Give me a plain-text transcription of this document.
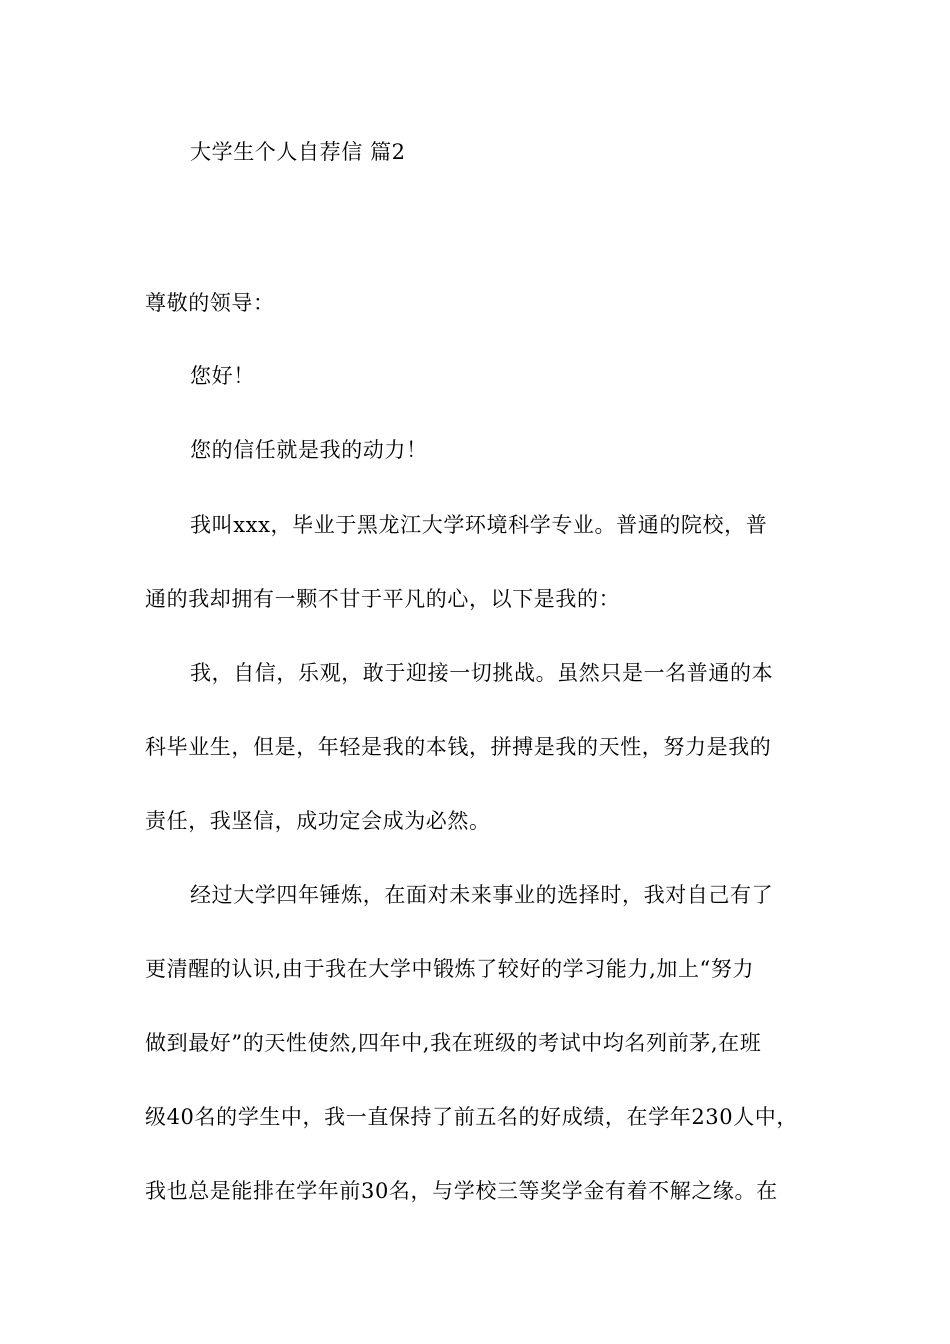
大学生个人自荐信 篇2
尊敬的领导：
您好！
您的信任就是我的动力！
我叫xxx，毕业于黑龙江大学环境科学专业。普通的院校，普
通的我却拥有一颗不甘于平凡的心，以下是我的：
我，自信，乐观，敢于迎接一切挑战。虽然只是一名普通的本
科毕业生，但是，年轻是我的本钱，拼搏是我的天性，努力是我的
责任，我坚信，成功定会成为必然。
经过大学四年锤炼，在面对未来事业的选择时，我对自己有了
更清醒的认识,由于我在大学中锻炼了较好的学习能力,加上“努力
做到最好”的天性使然,四年中,我在班级的考试中均名列前茅,在班
级40名的学生中，我一直保持了前五名的好成绩，在学年230人中，
我也总是能排在学年前30名，与学校三等奖学金有着不解之缘。在
